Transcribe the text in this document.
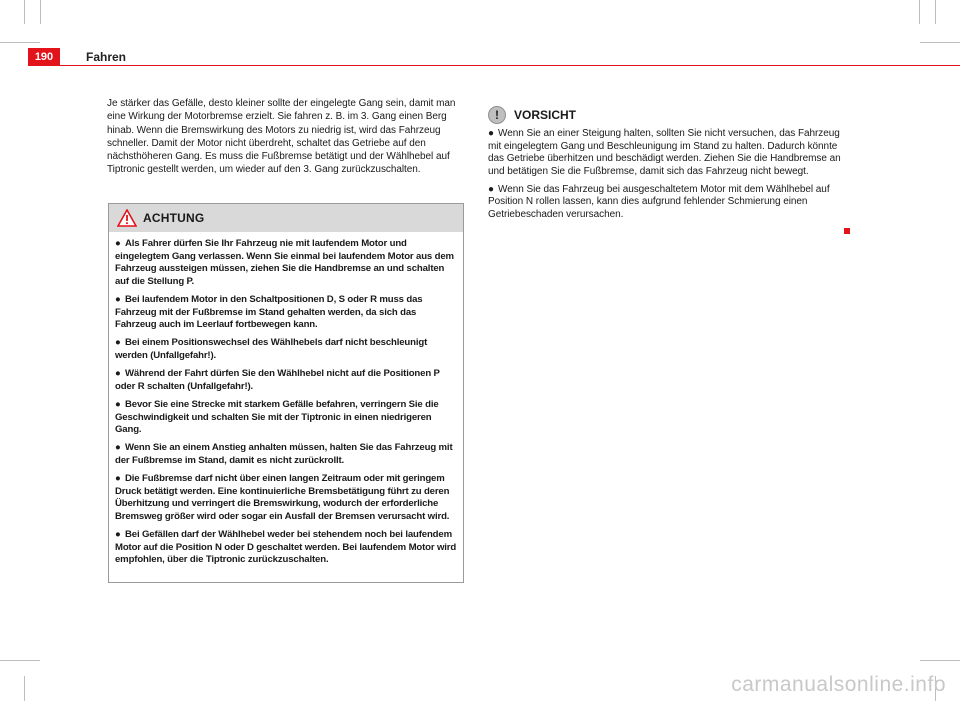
190	Fahren

Je stärker das Gefälle, desto kleiner sollte der eingelegte Gang sein, damit man eine Wirkung der Motorbremse erzielt. Sie fahren z. B. im 3. Gang einen Berg hinab. Wenn die Bremswirkung des Motors zu niedrig ist, wird das Fahrzeug schneller. Damit der Motor nicht überdreht, schaltet das Getriebe auf den nächsthöheren Gang. Es muss die Fußbremse betätigt und der Wählhebel auf Tiptronic gestellt werden, um wieder auf den 3. Gang zurückzuschalten.

ACHTUNG

● Als Fahrer dürfen Sie Ihr Fahrzeug nie mit laufendem Motor und eingelegtem Gang verlassen. Wenn Sie einmal bei laufendem Motor aus dem Fahrzeug aussteigen müssen, ziehen Sie die Handbremse an und schalten auf die Stellung P.

● Bei laufendem Motor in den Schaltpositionen D, S oder R muss das Fahrzeug mit der Fußbremse im Stand gehalten werden, da sich das Fahrzeug auch im Leerlauf fortbewegen kann.

● Bei einem Positionswechsel des Wählhebels darf nicht beschleunigt werden (Unfallgefahr!).

● Während der Fahrt dürfen Sie den Wählhebel nicht auf die Positionen P oder R schalten (Unfallgefahr!).

● Bevor Sie eine Strecke mit starkem Gefälle befahren, verringern Sie die Geschwindigkeit und schalten Sie mit der Tiptronic in einen niedrigeren Gang.

● Wenn Sie an einem Anstieg anhalten müssen, halten Sie das Fahrzeug mit der Fußbremse im Stand, damit es nicht zurückrollt.

● Die Fußbremse darf nicht über einen langen Zeitraum oder mit geringem Druck betätigt werden. Eine kontinuierliche Bremsbetätigung führt zu deren Überhitzung und verringert die Bremswirkung, wodurch der erforderliche Bremsweg größer wird oder sogar ein Ausfall der Bremsen verursacht wird.

● Bei Gefällen darf der Wählhebel weder bei stehendem noch bei laufendem Motor auf die Position N oder D geschaltet werden. Bei laufendem Motor wird empfohlen, über die Tiptronic zurückzuschalten.

!	VORSICHT

● Wenn Sie an einer Steigung halten, sollten Sie nicht versuchen, das Fahrzeug mit eingelegtem Gang und Beschleunigung im Stand zu halten. Dadurch könnte das Getriebe überhitzen und beschädigt werden. Ziehen Sie die Handbremse an und betätigen Sie die Fußbremse, damit sich das Fahrzeug nicht bewegt.

● Wenn Sie das Fahrzeug bei ausgeschaltetem Motor mit dem Wählhebel auf Position N rollen lassen, kann dies aufgrund fehlender Schmierung einen Getriebeschaden verursachen.

carmanualsonline.info
